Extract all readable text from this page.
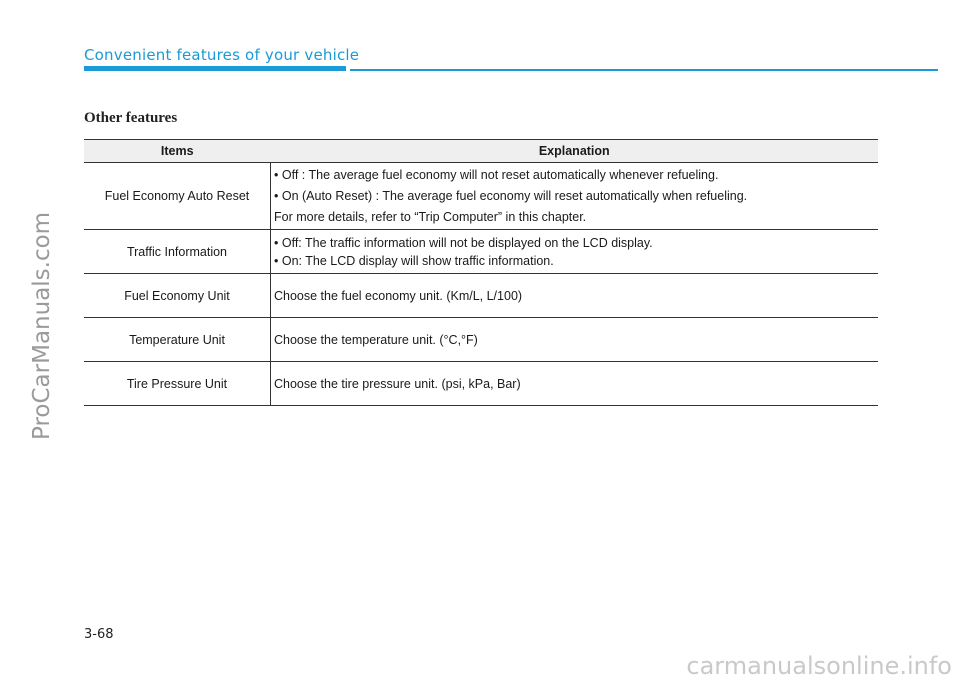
Convenient features of your vehicle
Other features
Items	Explanation
Fuel Economy Auto Reset	• Off : The average fuel economy will not reset automatically whenever refueling.
• On (Auto Reset) : The average fuel economy will reset automatically when refueling.
For more details, refer to “Trip Computer” in this chapter.

Traffic Information	• Off: The traffic information will not be displayed on the LCD display.
• On: The LCD display will show traffic information.

Fuel Economy Unit	Choose the fuel economy unit. (Km/L, L/100)
Temperature Unit	Choose the temperature unit. (°C,°F)
Tire Pressure Unit	Choose the tire pressure unit. (psi, kPa, Bar)
ProCarManuals.com
3-68
carmanualsonline.info
